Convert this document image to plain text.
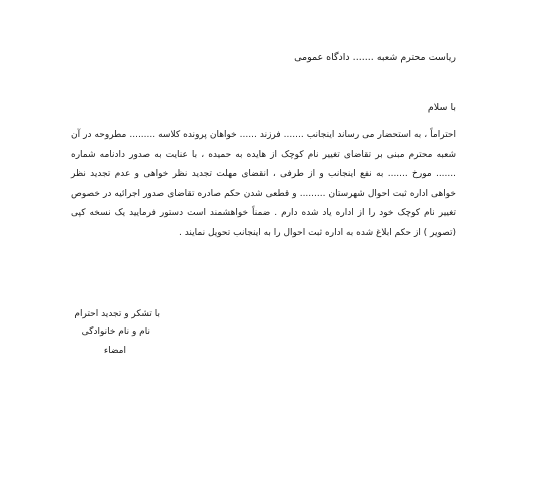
ریاست محترم شعبه ....... دادگاه عمومی
با سلام
احتراماً ، به استحضار می رساند اینجانب ....... فرزند ...... خواهان پرونده کلاسه ......... مطروحه در آن شعبه محترم مبنی بر تقاضای تغییر نام کوچک از هایده به حمیده ، با عنایت به صدور دادنامه شماره ....... مورخ ....... به نفع اینجانب و از طرفی ، انقضای مهلت تجدید نظر خواهی و عدم تجدید نظر خواهی اداره ثبت احوال شهرستان ......... و قطعی شدن حکم صادره تقاضای صدور اجرائیه در خصوص تغییر نام کوچک خود را از اداره یاد شده دارم . ضمناً خواهشمند است دستور فرمایید یک نسخه کپی (تصویر ) از حکم ابلاغ شده به اداره ثبت احوال را به اینجانب تحویل نمایند .
با تشکر و تجدید احترام
نام و نام خانوادگی
امضاء
